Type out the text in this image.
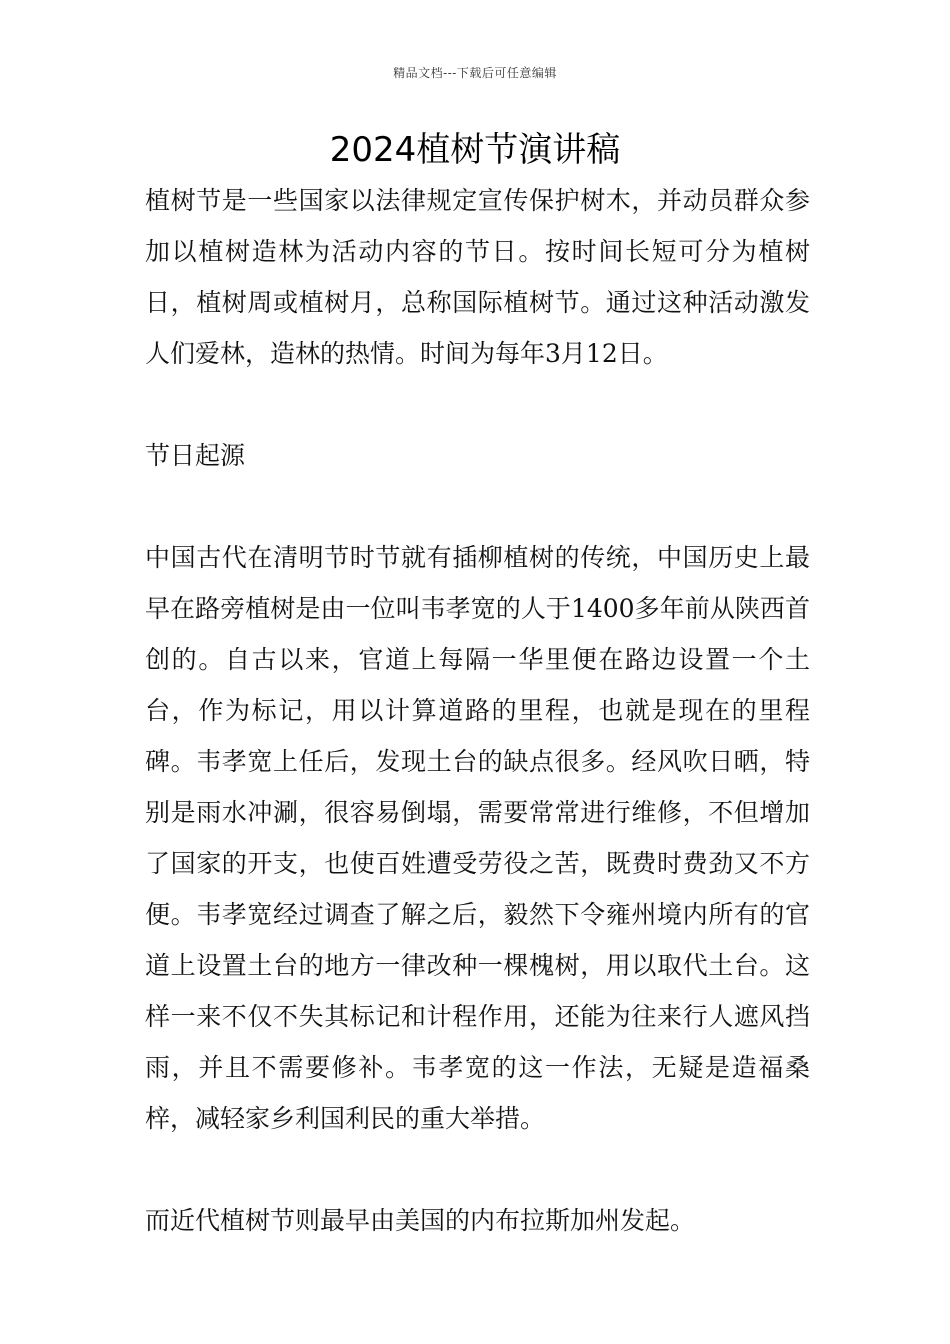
精品文档---下载后可任意编辑
2024植树节演讲稿

植树节是一些国家以法律规定宣传保护树木，并动员群众参加以植树造林为活动内容的节日。按时间长短可分为植树日，植树周或植树月，总称国际植树节。通过这种活动激发人们爱林，造林的热情。时间为每年3月12日。

节日起源

中国古代在清明节时节就有插柳植树的传统，中国历史上最早在路旁植树是由一位叫韦孝宽的人于1400多年前从陕西首创的。自古以来，官道上每隔一华里便在路边设置一个土台，作为标记，用以计算道路的里程，也就是现在的里程碑。韦孝宽上任后，发现土台的缺点很多。经风吹日晒，特别是雨水冲涮，很容易倒塌，需要常常进行维修，不但增加了国家的开支，也使百姓遭受劳役之苦，既费时费劲又不方便。韦孝宽经过调查了解之后，毅然下令雍州境内所有的官道上设置土台的地方一律改种一棵槐树，用以取代土台。这样一来不仅不失其标记和计程作用，还能为往来行人遮风挡雨，并且不需要修补。韦孝宽的这一作法，无疑是造福桑梓，减轻家乡利国利民的重大举措。

而近代植树节则最早由美国的内布拉斯加州发起。
